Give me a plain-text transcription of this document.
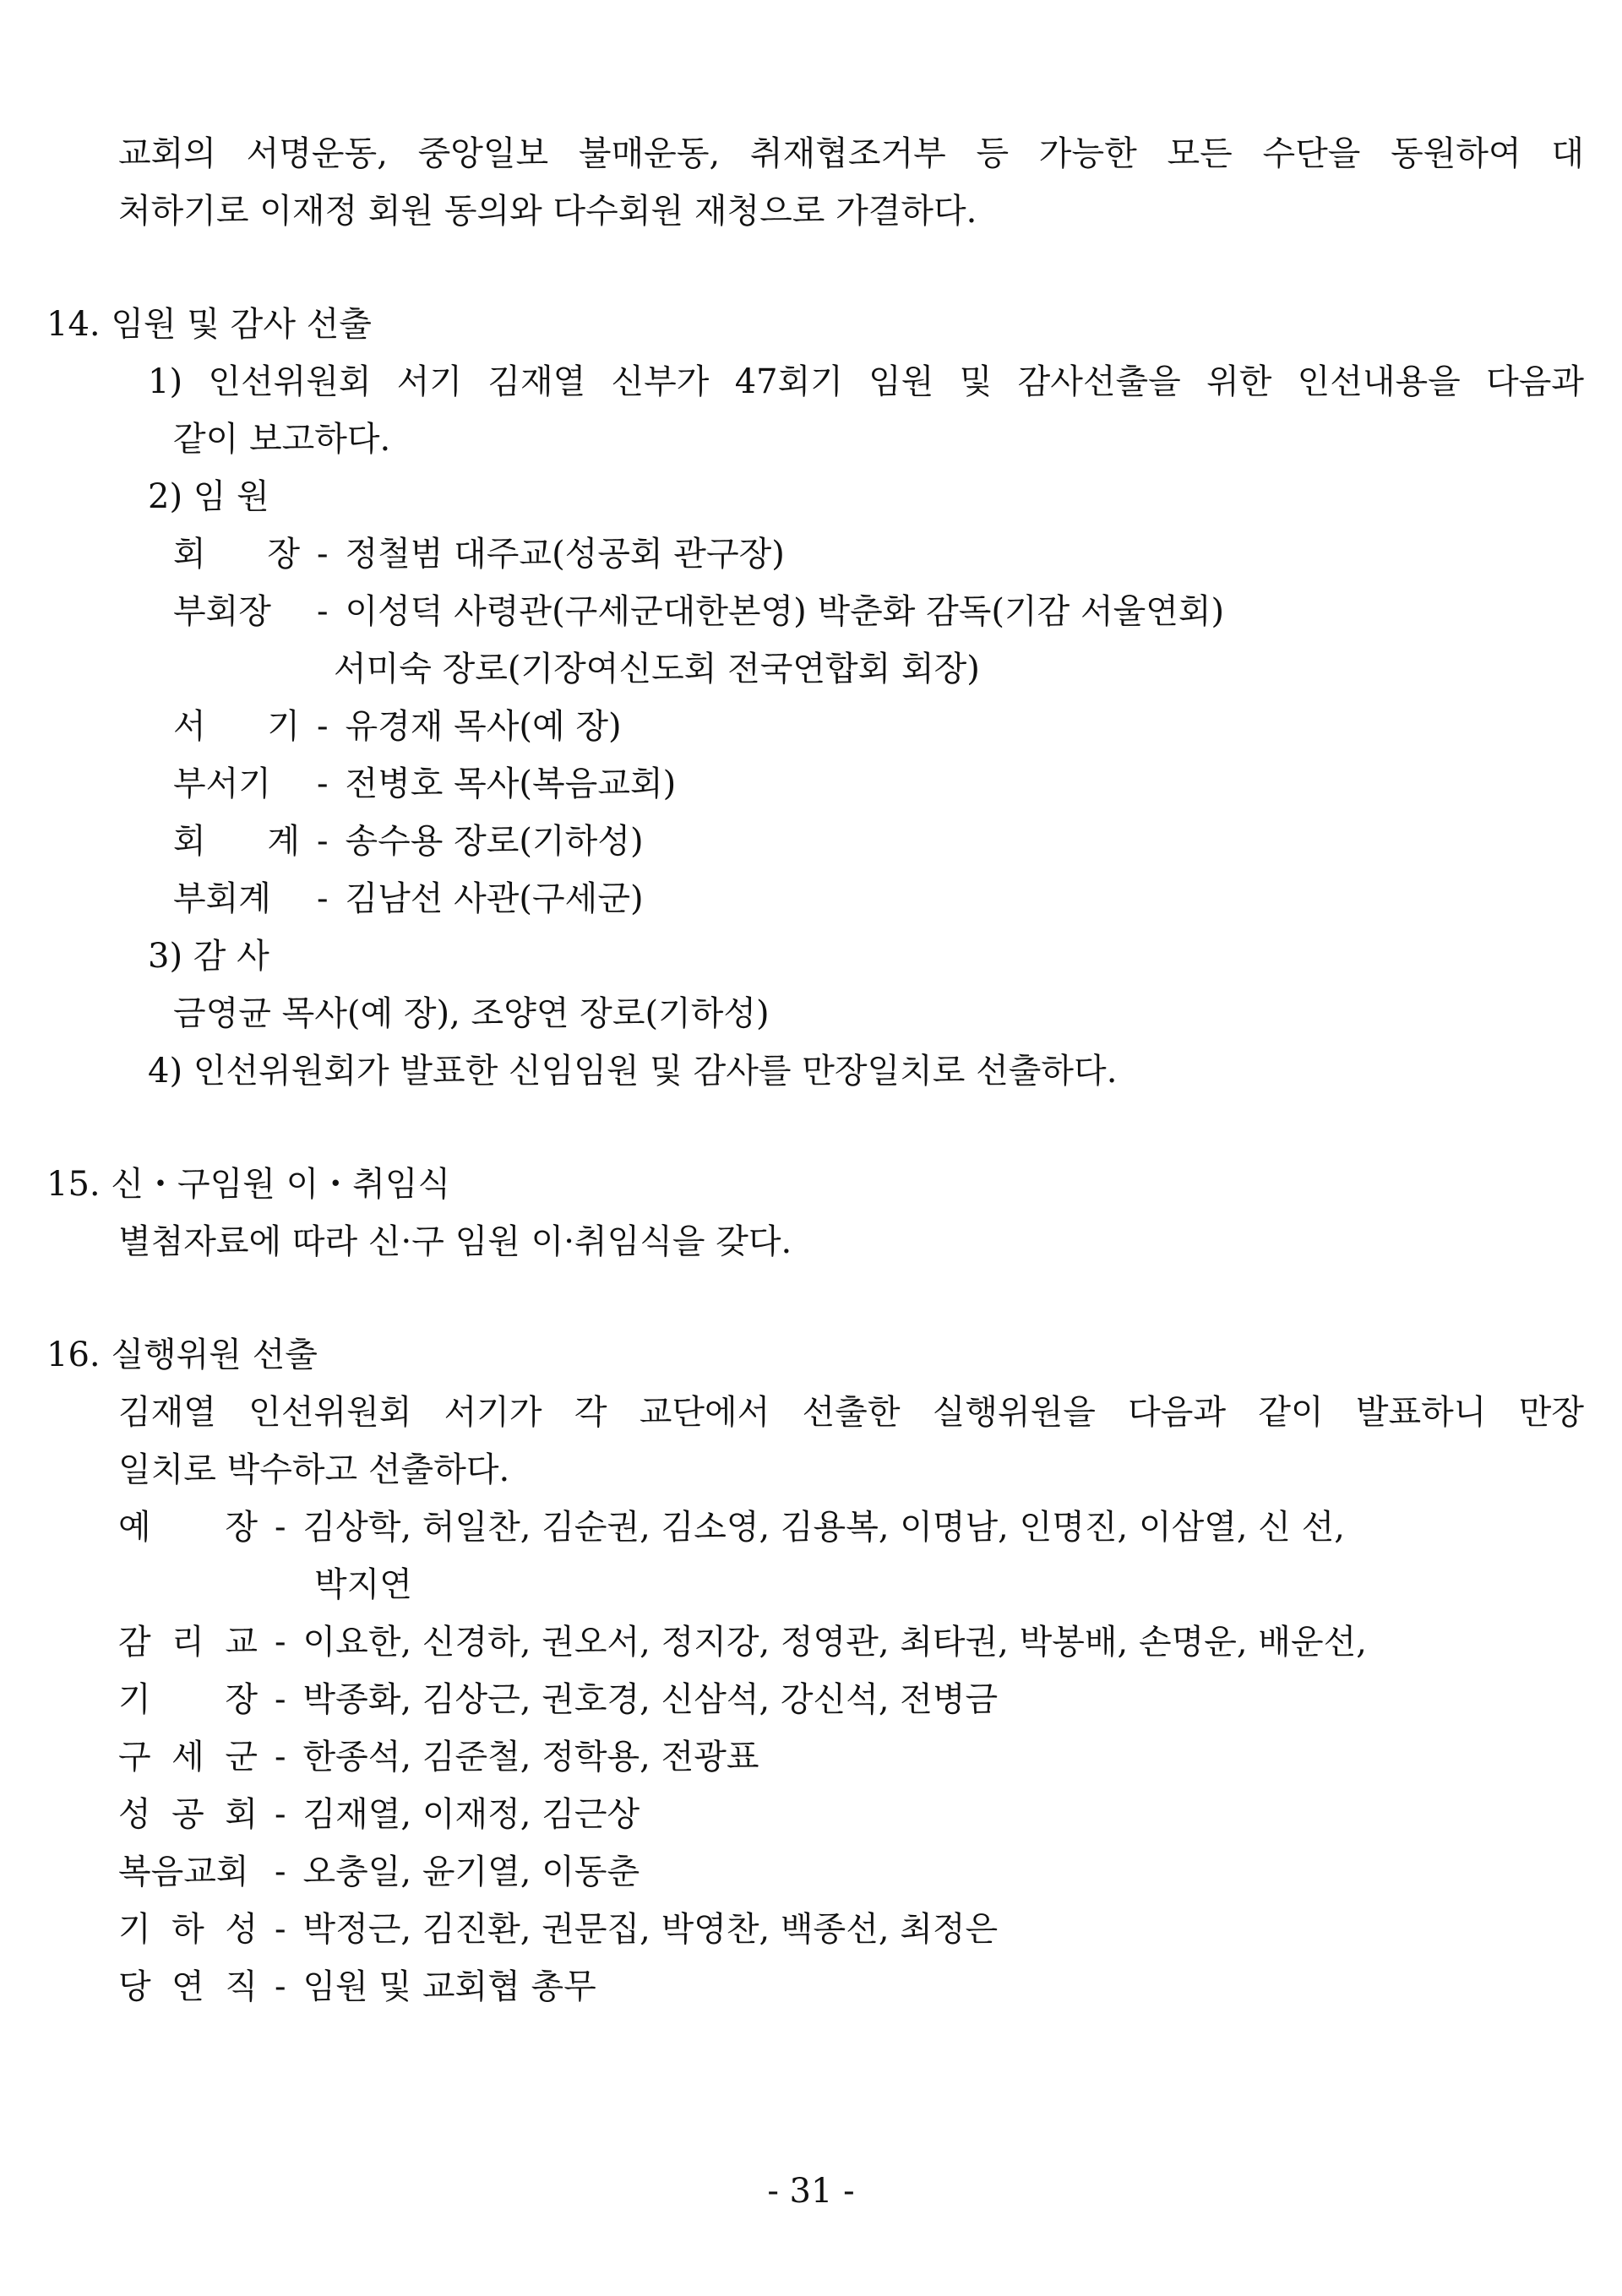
교회의 서명운동, 중앙일보 불매운동, 취재협조거부 등 가능한 모든 수단을 동원하여 대
처하기로 이재정 회원 동의와 다수회원 재청으로 가결하다.
14. 임원 및 감사 선출
1) 인선위원회 서기 김재열 신부가 47회기 임원 및 감사선출을 위한 인선내용을 다음과
같이 보고하다.
2) 임 원
회 장 - 정철범 대주교(성공회 관구장)
부회장	- 이성덕 사령관(구세군대한본영) 박춘화 감독(기감 서울연회)
서미숙 장로(기장여신도회 전국연합회 회장)
서 기 - 유경재 목사(예 장)
부서기	- 전병호 목사(복음교회)
회 계 - 송수용 장로(기하성)
부회계	- 김남선 사관(구세군)
3) 감 사
금영균 목사(예 장), 조양연 장로(기하성)
4) 인선위원회가 발표한 신임임원 및 감사를 만장일치로 선출하다.
15. 신・구임원 이・취임식
별첨자료에 따라 신·구 임원 이·취임식을 갖다.
16. 실행위원 선출
김재열 인선위원회 서기가 각 교단에서 선출한 실행위원을 다음과 같이 발표하니 만장
일치로 박수하고 선출하다.
예 장 - 김상학, 허일찬, 김순권, 김소영, 김용복, 이명남, 인명진, 이삼열, 신 선,
박지연
감 리 교 - 이요한, 신경하, 권오서, 정지강, 정영관, 최타권, 박봉배, 손명운, 배운선,
기 장 - 박종화, 김상근, 권호경, 신삼석, 강신석, 전병금
구 세 군 - 한종석, 김준철, 정학용, 전광표
성 공 회 - 김재열, 이재정, 김근상
복음교회 - 오충일, 윤기열, 이동춘
기 하 성 - 박정근, 김진환, 권문집, 박영찬, 백종선, 최정은
당 연 직 - 임원 및 교회협 총무
- 31 -
